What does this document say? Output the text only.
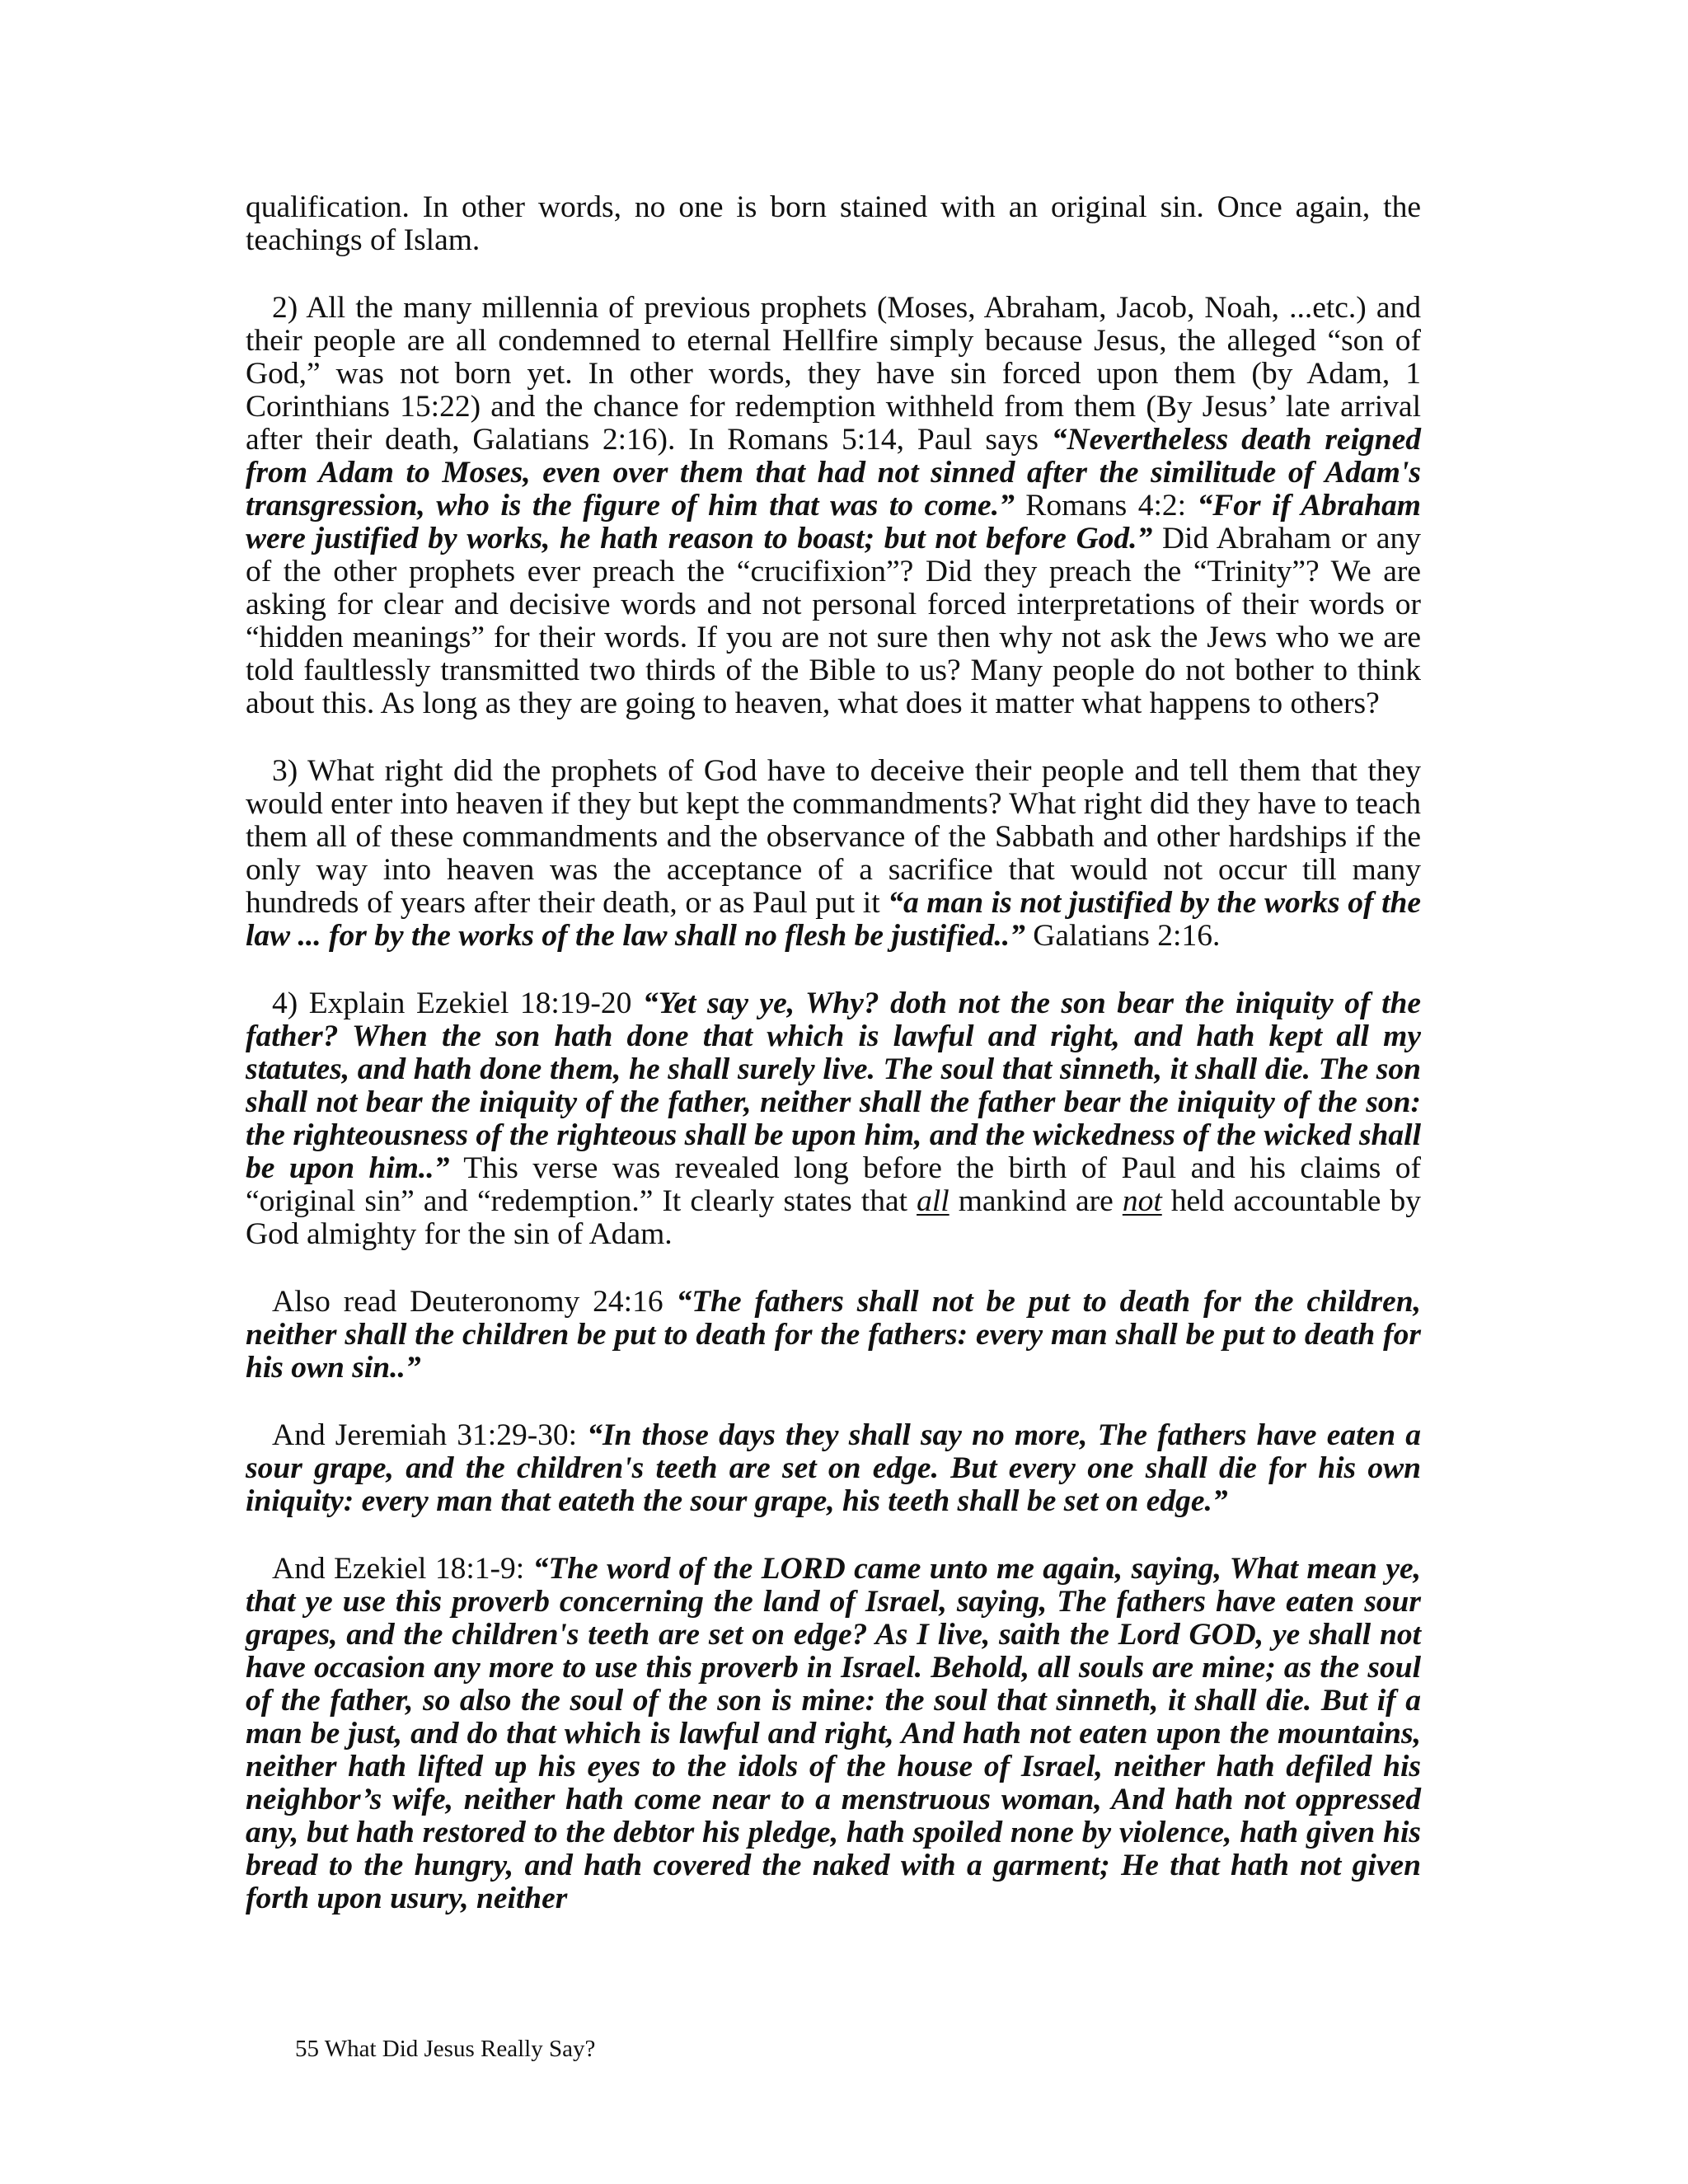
qualification. In other words, no one is born stained with an original sin. Once again, the teachings of Islam.

2) All the many millennia of previous prophets (Moses, Abraham, Jacob, Noah, ...etc.) and their people are all condemned to eternal Hellfire simply because Jesus, the alleged “son of God,” was not born yet. In other words, they have sin forced upon them (by Adam, 1 Corinthians 15:22) and the chance for redemption withheld from them (By Jesus’ late arrival after their death, Galatians 2:16). In Romans 5:14, Paul says “Nevertheless death reigned from Adam to Moses, even over them that had not sinned after the similitude of Adam's transgression, who is the figure of him that was to come.” Romans 4:2: “For if Abraham were justified by works, he hath reason to boast; but not before God.” Did Abraham or any of the other prophets ever preach the “crucifixion”? Did they preach the “Trinity”? We are asking for clear and decisive words and not personal forced interpretations of their words or “hidden meanings” for their words. If you are not sure then why not ask the Jews who we are told faultlessly transmitted two thirds of the Bible to us? Many people do not bother to think about this. As long as they are going to heaven, what does it matter what happens to others?

3) What right did the prophets of God have to deceive their people and tell them that they would enter into heaven if they but kept the commandments? What right did they have to teach them all of these commandments and the observance of the Sabbath and other hardships if the only way into heaven was the acceptance of a sacrifice that would not occur till many hundreds of years after their death, or as Paul put it “a man is not justified by the works of the law ... for by the works of the law shall no flesh be justified..” Galatians 2:16.

4) Explain Ezekiel 18:19-20 “Yet say ye, Why? doth not the son bear the iniquity of the father? When the son hath done that which is lawful and right, and hath kept all my statutes, and hath done them, he shall surely live. The soul that sinneth, it shall die. The son shall not bear the iniquity of the father, neither shall the father bear the iniquity of the son: the righteousness of the righteous shall be upon him, and the wickedness of the wicked shall be upon him..” This verse was revealed long before the birth of Paul and his claims of “original sin” and “redemption.” It clearly states that all mankind are not held accountable by God almighty for the sin of Adam.

Also read Deuteronomy 24:16 “The fathers shall not be put to death for the children, neither shall the children be put to death for the fathers: every man shall be put to death for his own sin..”

And Jeremiah 31:29-30: “In those days they shall say no more, The fathers have eaten a sour grape, and the children's teeth are set on edge. But every one shall die for his own iniquity: every man that eateth the sour grape, his teeth shall be set on edge.”

And Ezekiel 18:1-9: “The word of the LORD came unto me again, saying, What mean ye, that ye use this proverb concerning the land of Israel, saying, The fathers have eaten sour grapes, and the children's teeth are set on edge? As I live, saith the Lord GOD, ye shall not have occasion any more to use this proverb in Israel. Behold, all souls are mine; as the soul of the father, so also the soul of the son is mine: the soul that sinneth, it shall die. But if a man be just, and do that which is lawful and right, And hath not eaten upon the mountains, neither hath lifted up his eyes to the idols of the house of Israel, neither hath defiled his neighbor’s wife, neither hath come near to a menstruous woman, And hath not oppressed any, but hath restored to the debtor his pledge, hath spoiled none by violence, hath given his bread to the hungry, and hath covered the naked with a garment; He that hath not given forth upon usury, neither

55 What Did Jesus Really Say?
